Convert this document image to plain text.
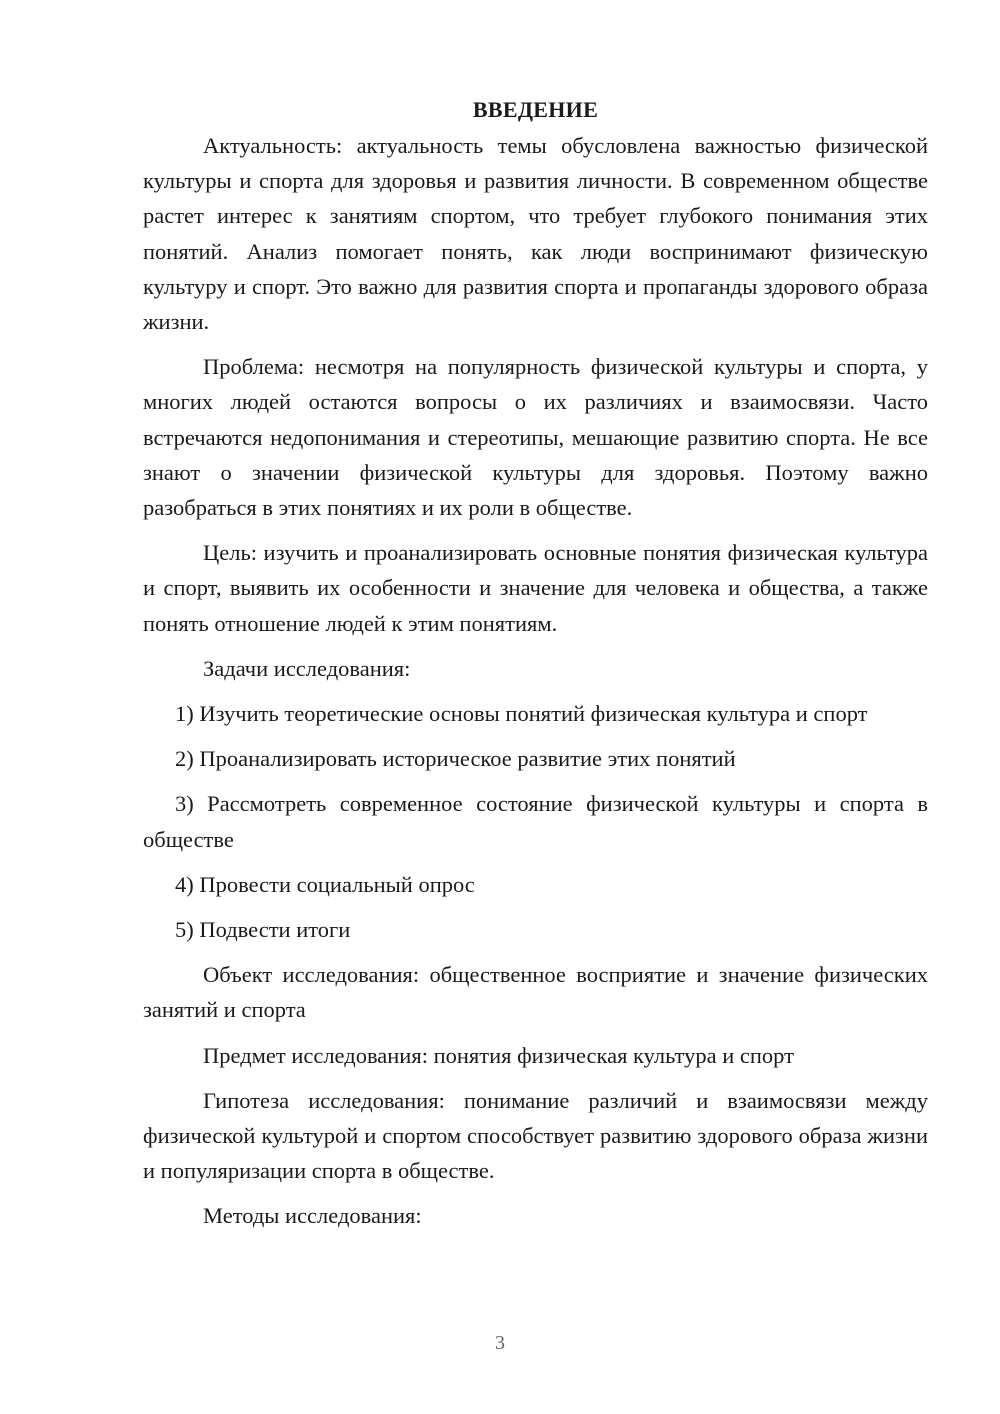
ВВЕДЕНИЕ

Актуальность: актуальность темы обусловлена важностью физической культуры и спорта для здоровья и развития личности. В современном обществе растет интерес к занятиям спортом, что требует глубокого понимания этих понятий. Анализ помогает понять, как люди воспринимают физическую культуру и спорт. Это важно для развития спорта и пропаганды здорового образа жизни.

Проблема: несмотря на популярность физической культуры и спорта, у многих людей остаются вопросы о их различиях и взаимосвязи. Часто встречаются недопонимания и стереотипы, мешающие развитию спорта. Не все знают о значении физической культуры для здоровья. Поэтому важно разобраться в этих понятиях и их роли в обществе.

Цель: изучить и проанализировать основные понятия физическая культура и спорт, выявить их особенности и значение для человека и общества, а также понять отношение людей к этим понятиям.

Задачи исследования:

1) Изучить теоретические основы понятий физическая культура и спорт

2) Проанализировать историческое развитие этих понятий

3) Рассмотреть современное состояние физической культуры и спорта в обществе

4) Провести социальный опрос

5) Подвести итоги

Объект исследования: общественное восприятие и значение физических занятий и спорта

Предмет исследования: понятия физическая культура и спорт

Гипотеза исследования: понимание различий и взаимосвязи между физической культурой и спортом способствует развитию здорового образа жизни и популяризации спорта в обществе.

Методы исследования:

3
